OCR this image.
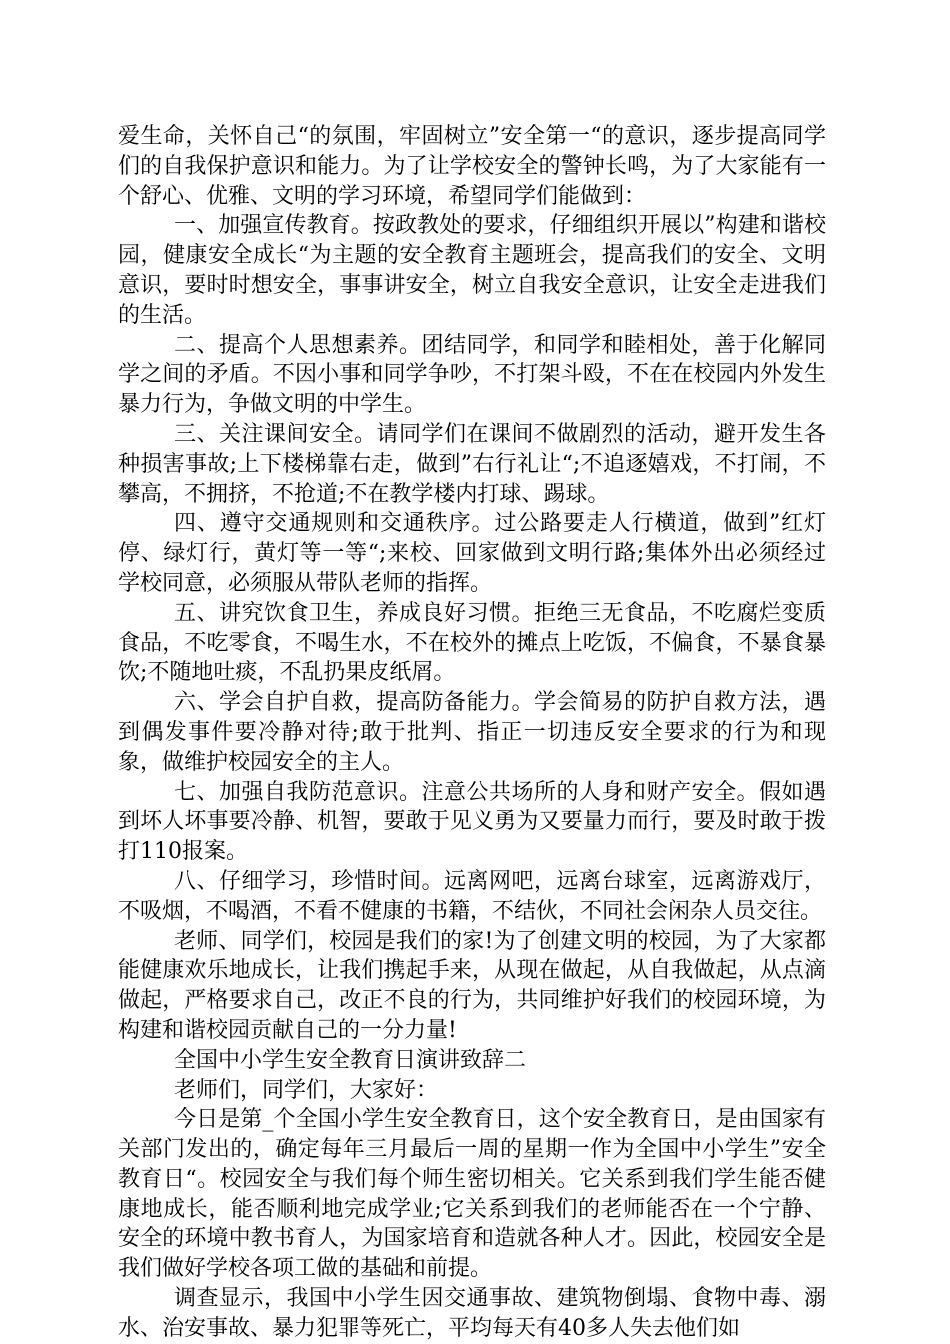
爱生命，关怀自己“的氛围，牢固树立”安全第一“的意识，逐步提高同学们的自我保护意识和能力。为了让学校安全的警钟长鸣，为了大家能有一个舒心、优雅、文明的学习环境，希望同学们能做到：

一、加强宣传教育。按政教处的要求，仔细组织开展以”构建和谐校园，健康安全成长“为主题的安全教育主题班会，提高我们的安全、文明意识，要时时想安全，事事讲安全，树立自我安全意识，让安全走进我们的生活。

二、提高个人思想素养。团结同学，和同学和睦相处，善于化解同学之间的矛盾。不因小事和同学争吵，不打架斗殴，不在在校园内外发生暴力行为，争做文明的中学生。

三、关注课间安全。请同学们在课间不做剧烈的活动，避开发生各种损害事故;上下楼梯靠右走，做到”右行礼让“;不追逐嬉戏，不打闹，不攀高，不拥挤，不抢道;不在教学楼内打球、踢球。

四、遵守交通规则和交通秩序。过公路要走人行横道，做到”红灯停、绿灯行，黄灯等一等“;来校、回家做到文明行路;集体外出必须经过学校同意，必须服从带队老师的指挥。

五、讲究饮食卫生，养成良好习惯。拒绝三无食品，不吃腐烂变质食品，不吃零食，不喝生水，不在校外的摊点上吃饭，不偏食，不暴食暴饮;不随地吐痰，不乱扔果皮纸屑。

六、学会自护自救，提高防备能力。学会简易的防护自救方法，遇到偶发事件要冷静对待;敢于批判、指正一切违反安全要求的行为和现象，做维护校园安全的主人。

七、加强自我防范意识。注意公共场所的人身和财产安全。假如遇到坏人坏事要冷静、机智，要敢于见义勇为又要量力而行，要及时敢于拨打110报案。

八、仔细学习，珍惜时间。远离网吧，远离台球室，远离游戏厅，不吸烟，不喝酒，不看不健康的书籍，不结伙，不同社会闲杂人员交往。

老师、同学们，校园是我们的家!为了创建文明的校园，为了大家都能健康欢乐地成长，让我们携起手来，从现在做起，从自我做起，从点滴做起，严格要求自己，改正不良的行为，共同维护好我们的校园环境，为构建和谐校园贡献自己的一分力量!

全国中小学生安全教育日演讲致辞二

老师们，同学们，大家好：

今日是第_个全国小学生安全教育日，这个安全教育日，是由国家有关部门发出的，确定每年三月最后一周的星期一作为全国中小学生”安全教育日“。校园安全与我们每个师生密切相关。它关系到我们学生能否健康地成长，能否顺利地完成学业;它关系到我们的老师能否在一个宁静、安全的环境中教书育人，为国家培育和造就各种人才。因此，校园安全是我们做好学校各项工做的基础和前提。

调查显示，我国中小学生因交通事故、建筑物倒塌、食物中毒、溺水、治安事故、暴力犯罪等死亡，平均每天有40多人失去他们如
